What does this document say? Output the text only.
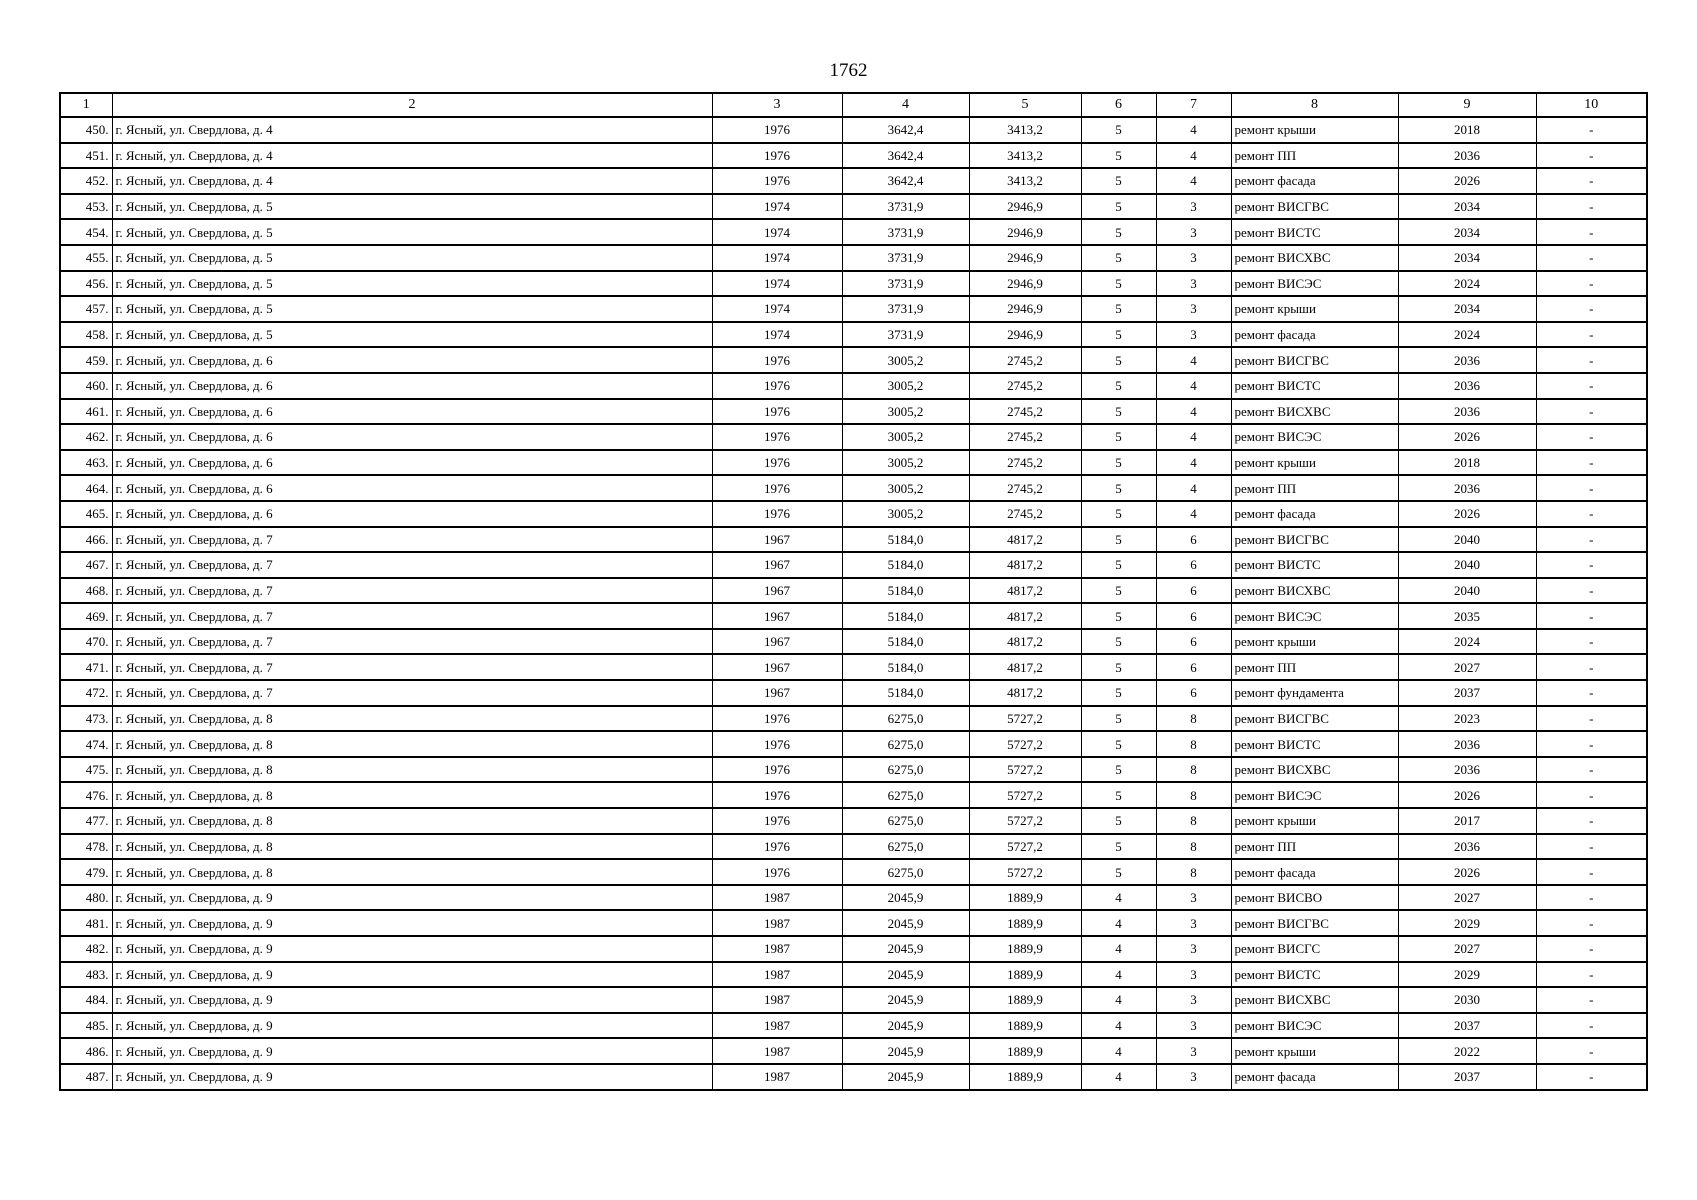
1762
1	2	3	4	5	6	7	8	9	10
450.	г. Ясный, ул. Свердлова, д. 4	1976	3642,4	3413,2	5	4	ремонт крыши	2018	-
451.	г. Ясный, ул. Свердлова, д. 4	1976	3642,4	3413,2	5	4	ремонт ПП	2036	-
452.	г. Ясный, ул. Свердлова, д. 4	1976	3642,4	3413,2	5	4	ремонт фасада	2026	-
453.	г. Ясный, ул. Свердлова, д. 5	1974	3731,9	2946,9	5	3	ремонт ВИСГВС	2034	-
454.	г. Ясный, ул. Свердлова, д. 5	1974	3731,9	2946,9	5	3	ремонт ВИСТС	2034	-
455.	г. Ясный, ул. Свердлова, д. 5	1974	3731,9	2946,9	5	3	ремонт ВИСХВС	2034	-
456.	г. Ясный, ул. Свердлова, д. 5	1974	3731,9	2946,9	5	3	ремонт ВИСЭС	2024	-
457.	г. Ясный, ул. Свердлова, д. 5	1974	3731,9	2946,9	5	3	ремонт крыши	2034	-
458.	г. Ясный, ул. Свердлова, д. 5	1974	3731,9	2946,9	5	3	ремонт фасада	2024	-
459.	г. Ясный, ул. Свердлова, д. 6	1976	3005,2	2745,2	5	4	ремонт ВИСГВС	2036	-
460.	г. Ясный, ул. Свердлова, д. 6	1976	3005,2	2745,2	5	4	ремонт ВИСТС	2036	-
461.	г. Ясный, ул. Свердлова, д. 6	1976	3005,2	2745,2	5	4	ремонт ВИСХВС	2036	-
462.	г. Ясный, ул. Свердлова, д. 6	1976	3005,2	2745,2	5	4	ремонт ВИСЭС	2026	-
463.	г. Ясный, ул. Свердлова, д. 6	1976	3005,2	2745,2	5	4	ремонт крыши	2018	-
464.	г. Ясный, ул. Свердлова, д. 6	1976	3005,2	2745,2	5	4	ремонт ПП	2036	-
465.	г. Ясный, ул. Свердлова, д. 6	1976	3005,2	2745,2	5	4	ремонт фасада	2026	-
466.	г. Ясный, ул. Свердлова, д. 7	1967	5184,0	4817,2	5	6	ремонт ВИСГВС	2040	-
467.	г. Ясный, ул. Свердлова, д. 7	1967	5184,0	4817,2	5	6	ремонт ВИСТС	2040	-
468.	г. Ясный, ул. Свердлова, д. 7	1967	5184,0	4817,2	5	6	ремонт ВИСХВС	2040	-
469.	г. Ясный, ул. Свердлова, д. 7	1967	5184,0	4817,2	5	6	ремонт ВИСЭС	2035	-
470.	г. Ясный, ул. Свердлова, д. 7	1967	5184,0	4817,2	5	6	ремонт крыши	2024	-
471.	г. Ясный, ул. Свердлова, д. 7	1967	5184,0	4817,2	5	6	ремонт ПП	2027	-
472.	г. Ясный, ул. Свердлова, д. 7	1967	5184,0	4817,2	5	6	ремонт фундамента	2037	-
473.	г. Ясный, ул. Свердлова, д. 8	1976	6275,0	5727,2	5	8	ремонт ВИСГВС	2023	-
474.	г. Ясный, ул. Свердлова, д. 8	1976	6275,0	5727,2	5	8	ремонт ВИСТС	2036	-
475.	г. Ясный, ул. Свердлова, д. 8	1976	6275,0	5727,2	5	8	ремонт ВИСХВС	2036	-
476.	г. Ясный, ул. Свердлова, д. 8	1976	6275,0	5727,2	5	8	ремонт ВИСЭС	2026	-
477.	г. Ясный, ул. Свердлова, д. 8	1976	6275,0	5727,2	5	8	ремонт крыши	2017	-
478.	г. Ясный, ул. Свердлова, д. 8	1976	6275,0	5727,2	5	8	ремонт ПП	2036	-
479.	г. Ясный, ул. Свердлова, д. 8	1976	6275,0	5727,2	5	8	ремонт фасада	2026	-
480.	г. Ясный, ул. Свердлова, д. 9	1987	2045,9	1889,9	4	3	ремонт ВИСВО	2027	-
481.	г. Ясный, ул. Свердлова, д. 9	1987	2045,9	1889,9	4	3	ремонт ВИСГВС	2029	-
482.	г. Ясный, ул. Свердлова, д. 9	1987	2045,9	1889,9	4	3	ремонт ВИСГС	2027	-
483.	г. Ясный, ул. Свердлова, д. 9	1987	2045,9	1889,9	4	3	ремонт ВИСТС	2029	-
484.	г. Ясный, ул. Свердлова, д. 9	1987	2045,9	1889,9	4	3	ремонт ВИСХВС	2030	-
485.	г. Ясный, ул. Свердлова, д. 9	1987	2045,9	1889,9	4	3	ремонт ВИСЭС	2037	-
486.	г. Ясный, ул. Свердлова, д. 9	1987	2045,9	1889,9	4	3	ремонт крыши	2022	-
487.	г. Ясный, ул. Свердлова, д. 9	1987	2045,9	1889,9	4	3	ремонт фасада	2037	-
